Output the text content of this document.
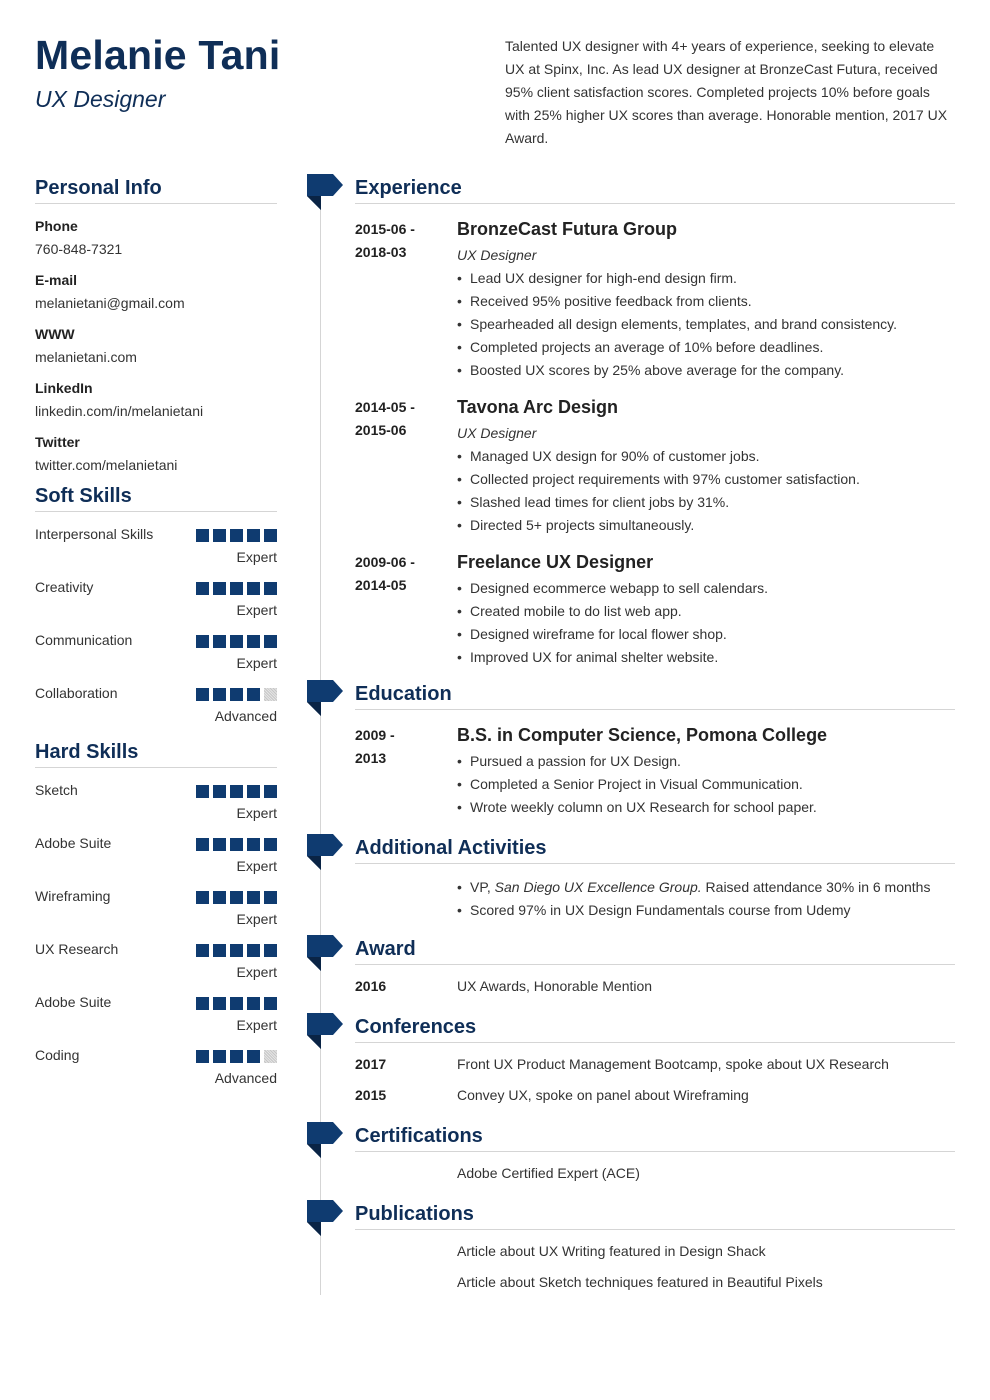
Melanie Tani
UX Designer
Talented UX designer with 4+ years of experience, seeking to elevate UX at Spinx, Inc. As lead UX designer at BronzeCast Futura, received 95% client satisfaction scores. Completed projects 10% before goals with 25% higher UX scores than average. Honorable mention, 2017 UX Award.
Personal Info
Phone
760-848-7321
E-mail
melanietani@gmail.com
WWW
melanietani.com
LinkedIn
linkedin.com/in/melanietani
Twitter
twitter.com/melanietani
Soft Skills
Interpersonal Skills
Expert
Creativity
Expert
Communication
Expert
Collaboration
Advanced
Hard Skills
Sketch
Expert
Adobe Suite
Expert
Wireframing
Expert
UX Research
Expert
Adobe Suite
Expert
Coding
Advanced
Experience
2015-06 -
2018-03
BronzeCast Futura Group
UX Designer
• Lead UX designer for high-end design firm.
• Received 95% positive feedback from clients.
• Spearheaded all design elements, templates, and brand consistency.
• Completed projects an average of 10% before deadlines.
• Boosted UX scores by 25% above average for the company.
2014-05 -
2015-06
Tavona Arc Design
UX Designer
• Managed UX design for 90% of customer jobs.
• Collected project requirements with 97% customer satisfaction.
• Slashed lead times for client jobs by 31%.
• Directed 5+ projects simultaneously.
2009-06 -
2014-05
Freelance UX Designer
• Designed ecommerce webapp to sell calendars.
• Created mobile to do list web app.
• Designed wireframe for local flower shop.
• Improved UX for animal shelter website.
Education
2009 -
2013
B.S. in Computer Science, Pomona College
• Pursued a passion for UX Design.
• Completed a Senior Project in Visual Communication.
• Wrote weekly column on UX Research for school paper.
Additional Activities
• VP, San Diego UX Excellence Group. Raised attendance 30% in 6 months
• Scored 97% in UX Design Fundamentals course from Udemy
Award
2016	UX Awards, Honorable Mention
Conferences
2017	Front UX Product Management Bootcamp, spoke about UX Research
2015	Convey UX, spoke on panel about Wireframing
Certifications
Adobe Certified Expert (ACE)
Publications
Article about UX Writing featured in Design Shack
Article about Sketch techniques featured in Beautiful Pixels
